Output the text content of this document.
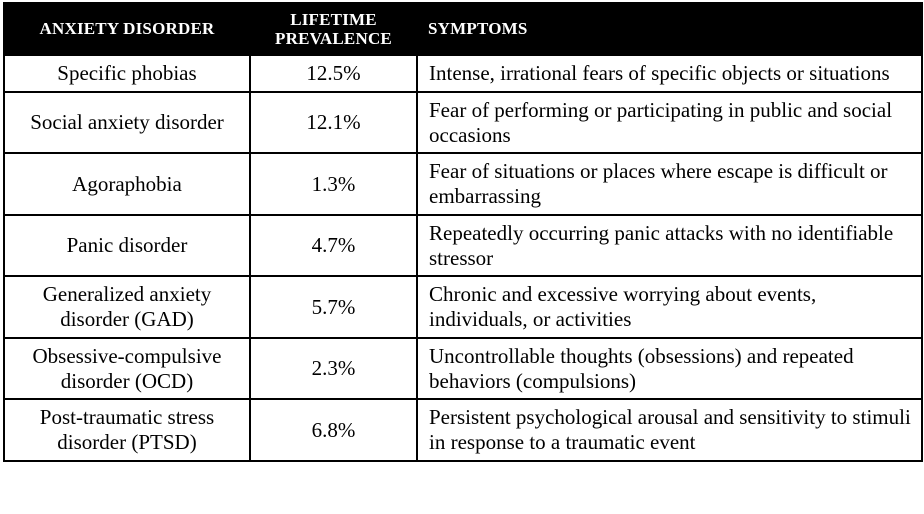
ANXIETY DISORDER	LIFETIME PREVALENCE	SYMPTOMS
Specific phobias	12.5%	Intense, irrational fears of specific objects or situations
Social anxiety disorder	12.1%	Fear of performing or participating in public and social occasions
Agoraphobia	1.3%	Fear of situations or places where escape is difficult or embarrassing
Panic disorder	4.7%	Repeatedly occurring panic attacks with no identifiable stressor
Generalized anxiety disorder (GAD)	5.7%	Chronic and excessive worrying about events, individuals, or activities
Obsessive-compulsive disorder (OCD)	2.3%	Uncontrollable thoughts (obsessions) and repeated behaviors (compulsions)
Post-traumatic stress disorder (PTSD)	6.8%	Persistent psychological arousal and sensitivity to stimuli in response to a traumatic event
